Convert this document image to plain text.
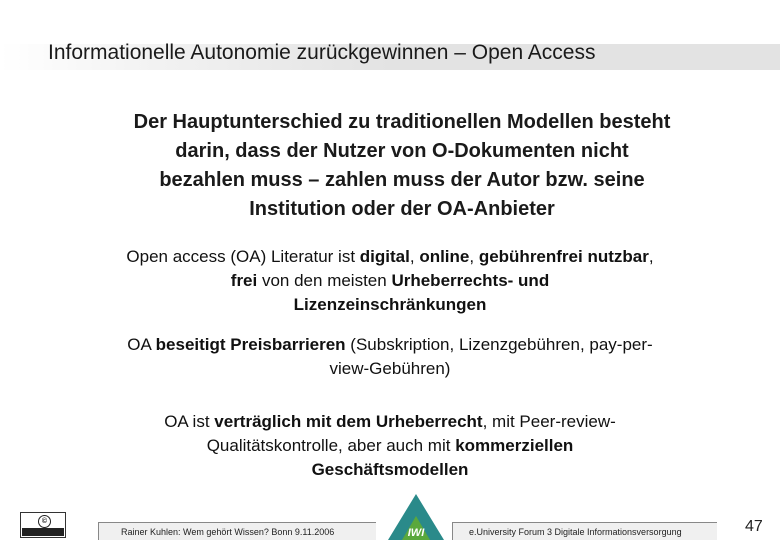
Informationelle Autonomie zurückgewinnen – Open Access
Der Hauptunterschied zu traditionellen Modellen besteht
darin, dass der Nutzer von O-Dokumenten nicht
bezahlen muss – zahlen muss der Autor bzw. seine
Institution oder der OA-Anbieter
Open access (OA) Literatur ist digital, online, gebührenfrei nutzbar,
frei von den meisten Urheberrechts- und
Lizenzeinschränkungen
OA beseitigt Preisbarrieren (Subskription, Lizenzgebühren, pay-per-
view-Gebühren)
OA ist verträglich mit dem Urheberrecht, mit Peer-review-
Qualitätskontrolle, aber auch mit kommerziellen
Geschäftsmodellen
©
Rainer Kuhlen: Wem gehört Wissen? Bonn 9.11.2006	IWI	e.University Forum 3 Digitale Informationsversorgung	47
